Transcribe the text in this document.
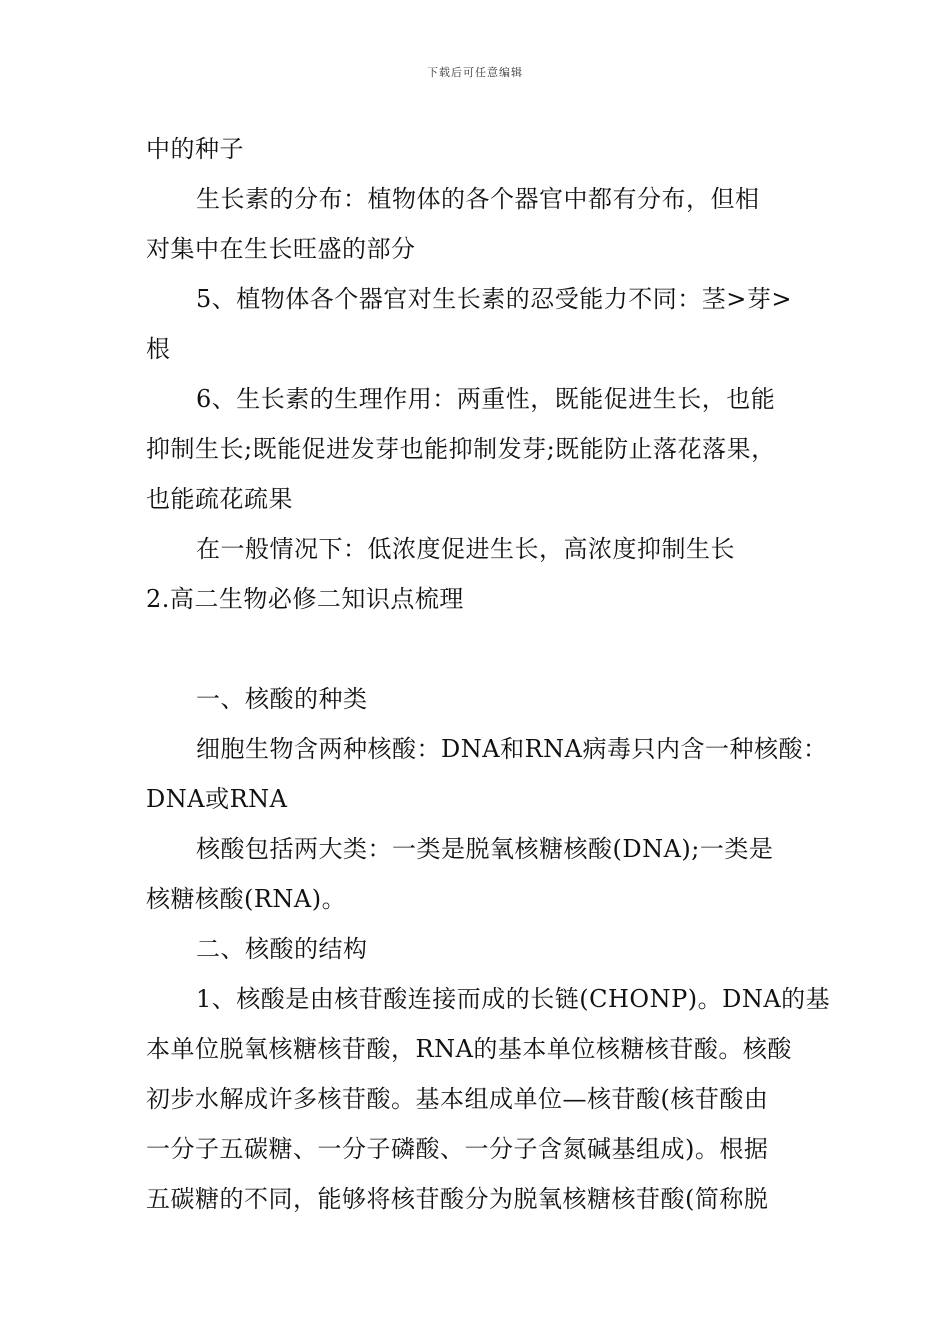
下载后可任意编辑
中的种子
生长素的分布：植物体的各个器官中都有分布，但相
对集中在生长旺盛的部分
5、植物体各个器官对生长素的忍受能力不同：茎>芽>
根
6、生长素的生理作用：两重性，既能促进生长，也能
抑制生长;既能促进发芽也能抑制发芽;既能防止落花落果，
也能疏花疏果
在一般情况下：低浓度促进生长，高浓度抑制生长
2.高二生物必修二知识点梳理
一、核酸的种类
细胞生物含两种核酸：DNA和RNA病毒只内含一种核酸：
DNA或RNA
核酸包括两大类：一类是脱氧核糖核酸(DNA);一类是
核糖核酸(RNA)。
二、核酸的结构
1、核酸是由核苷酸连接而成的长链(CHONP)。DNA的基
本单位脱氧核糖核苷酸，RNA的基本单位核糖核苷酸。核酸
初步水解成许多核苷酸。基本组成单位—核苷酸(核苷酸由
一分子五碳糖、一分子磷酸、一分子含氮碱基组成)。根据
五碳糖的不同，能够将核苷酸分为脱氧核糖核苷酸(简称脱
